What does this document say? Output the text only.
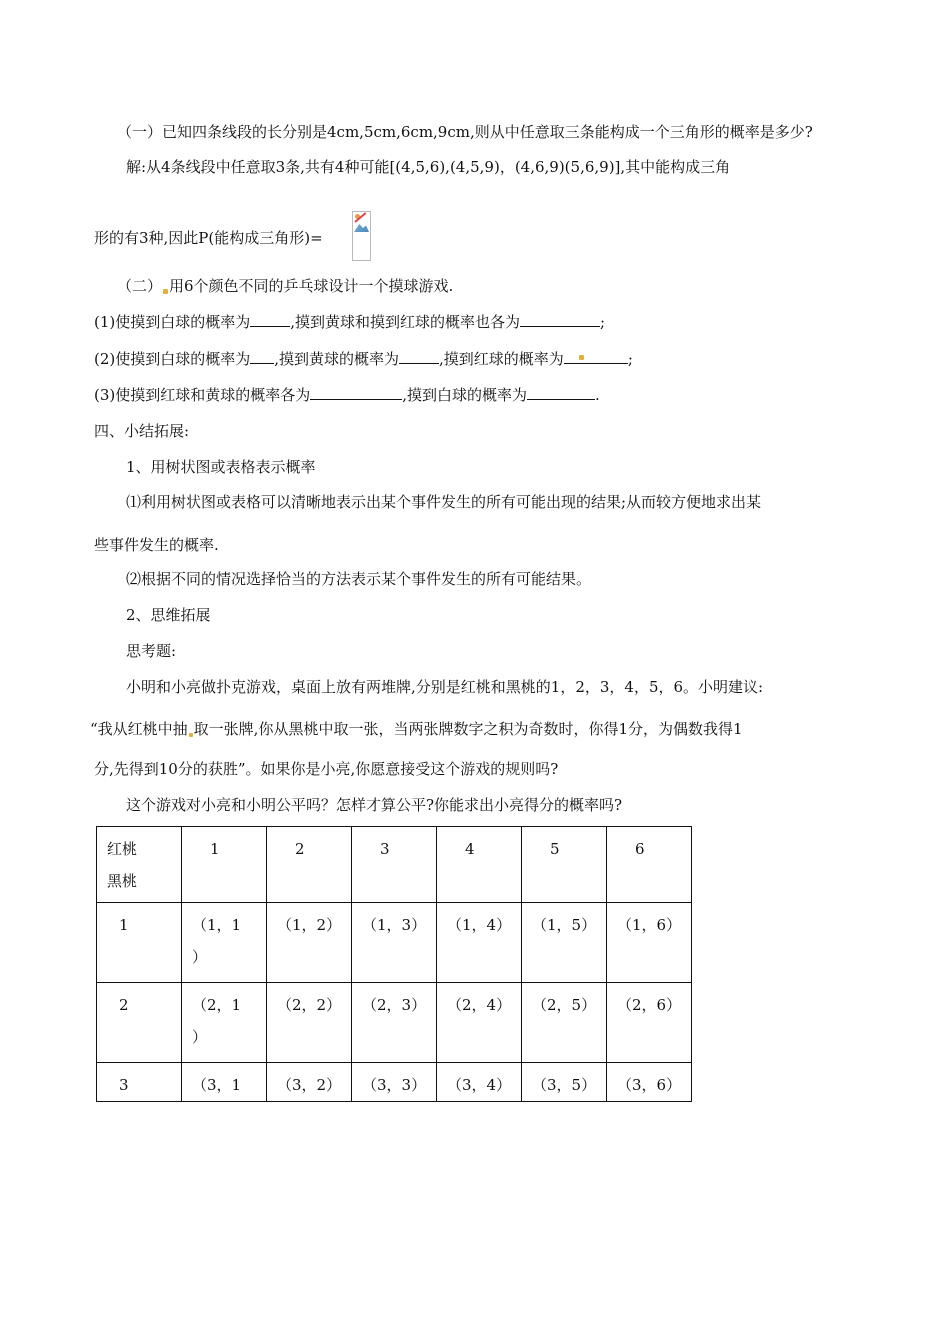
（一）已知四条线段的长分别是4cm,5cm,6cm,9cm,则从中任意取三条能构成一个三角形的概率是多少?
解:从4条线段中任意取3条,共有4种可能[(4,5,6),(4,5,9)，(4,6,9)(5,6,9)],其中能构成三角
形的有3种,因此P(能构成三角形)=
（二） 用6个颜色不同的乒乓球设计一个摸球游戏.
(1)使摸到白球的概率为	,摸到黄球和摸到红球的概率也各为	;
(2)使摸到白球的概率为 ,摸到黄球的概率为	,摸到红球的概率为	;
(3)使摸到红球和黄球的概率各为	,摸到白球的概率为	.
四、小结拓展:
1、用树状图或表格表示概率
⑴利用树状图或表格可以清晰地表示出某个事件发生的所有可能出现的结果;从而较方便地求出某
些事件发生的概率.
⑵根据不同的情况选择恰当的方法表示某个事件发生的所有可能结果。
2、思维拓展
思考题:
小明和小亮做扑克游戏，桌面上放有两堆牌,分别是红桃和黑桃的1，2，3，4，5，6。小明建议:
“我从红桃中抽 取一张牌,你从黑桃中取一张，当两张牌数字之积为奇数时，你得1分，为偶数我得1
分,先得到10分的获胜”。如果你是小亮,你愿意接受这个游戏的规则吗?
这个游戏对小亮和小明公平吗？怎样才算公平?你能求出小亮得分的概率吗?
红桃
黑桃	1	2	3	4	5	6
1	（1，1
）	（1，2）	（1，3）	（1，4）	（1，5）	（1，6）
2	（2，1
）	（2，2）	（2，3）	（2，4）	（2，5）	（2，6）
3	（3，1	（3，2）	（3，3）	（3，4）	（3，5）	（3，6）
